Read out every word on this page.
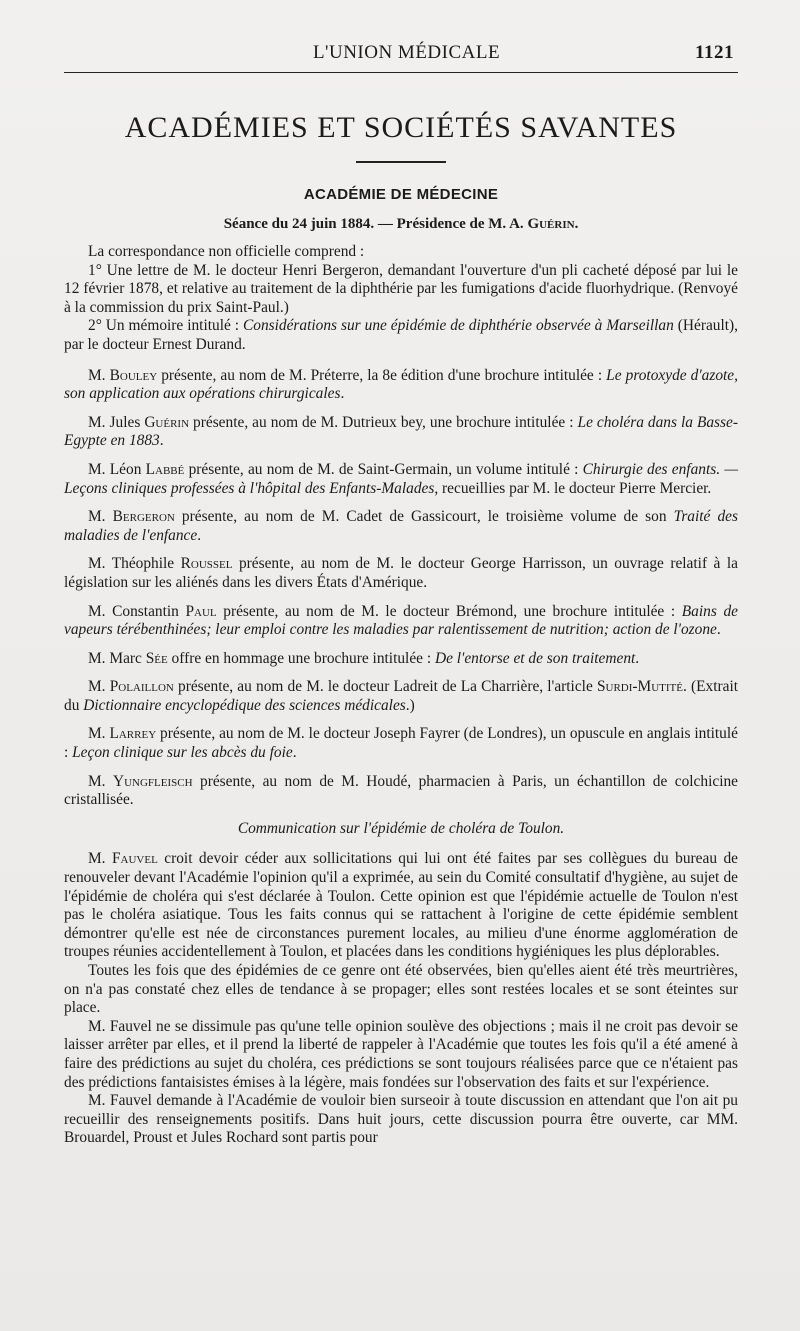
L'UNION MÉDICALE	1121
ACADÉMIES ET SOCIÉTÉS SAVANTES
ACADÉMIE DE MÉDECINE
Séance du 24 juin 1884. — Présidence de M. A. Guérin.

La correspondance non officielle comprend :

1° Une lettre de M. le docteur Henri Bergeron, demandant l'ouverture d'un pli cacheté déposé par lui le 12 février 1878, et relative au traitement de la diphthérie par les fumigations d'acide fluorhydrique. (Renvoyé à la commission du prix Saint-Paul.)

2° Un mémoire intitulé : Considérations sur une épidémie de diphthérie observée à Marseillan (Hérault), par le docteur Ernest Durand.

M. Bouley présente, au nom de M. Préterre, la 8e édition d'une brochure intitulée : Le protoxyde d'azote, son application aux opérations chirurgicales.

M. Jules Guérin présente, au nom de M. Dutrieux bey, une brochure intitulée : Le choléra dans la Basse-Egypte en 1883.

M. Léon Labbé présente, au nom de M. de Saint-Germain, un volume intitulé : Chirurgie des enfants. — Leçons cliniques professées à l'hôpital des Enfants-Malades, recueillies par M. le docteur Pierre Mercier.

M. Bergeron présente, au nom de M. Cadet de Gassicourt, le troisième volume de son Traité des maladies de l'enfance.

M. Théophile Roussel présente, au nom de M. le docteur George Harrisson, un ouvrage relatif à la législation sur les aliénés dans les divers États d'Amérique.

M. Constantin Paul présente, au nom de M. le docteur Brémond, une brochure intitulée : Bains de vapeurs térébenthinées; leur emploi contre les maladies par ralentissement de nutrition; action de l'ozone.

M. Marc Sée offre en hommage une brochure intitulée : De l'entorse et de son traitement.

M. Polaillon présente, au nom de M. le docteur Ladreit de La Charrière, l'article Surdi-Mutité. (Extrait du Dictionnaire encyclopédique des sciences médicales.)

M. Larrey présente, au nom de M. le docteur Joseph Fayrer (de Londres), un opuscule en anglais intitulé : Leçon clinique sur les abcès du foie.

M. Yungfleisch présente, au nom de M. Houdé, pharmacien à Paris, un échantillon de colchicine cristallisée.

Communication sur l'épidémie de choléra de Toulon.

M. Fauvel croit devoir céder aux sollicitations qui lui ont été faites par ses collègues du bureau de renouveler devant l'Académie l'opinion qu'il a exprimée, au sein du Comité consultatif d'hygiène, au sujet de l'épidémie de choléra qui s'est déclarée à Toulon. Cette opinion est que l'épidémie actuelle de Toulon n'est pas le choléra asiatique. Tous les faits connus qui se rattachent à l'origine de cette épidémie semblent démontrer qu'elle est née de circonstances purement locales, au milieu d'une énorme agglomération de troupes réunies accidentellement à Toulon, et placées dans les conditions hygiéniques les plus déplorables.

Toutes les fois que des épidémies de ce genre ont été observées, bien qu'elles aient été très meurtrières, on n'a pas constaté chez elles de tendance à se propager; elles sont restées locales et se sont éteintes sur place.

M. Fauvel ne se dissimule pas qu'une telle opinion soulève des objections ; mais il ne croit pas devoir se laisser arrêter par elles, et il prend la liberté de rappeler à l'Académie que toutes les fois qu'il a été amené à faire des prédictions au sujet du choléra, ces prédictions se sont toujours réalisées parce que ce n'étaient pas des prédictions fantaisistes émises à la légère, mais fondées sur l'observation des faits et sur l'expérience.

M. Fauvel demande à l'Académie de vouloir bien surseoir à toute discussion en attendant que l'on ait pu recueillir des renseignements positifs. Dans huit jours, cette discussion pourra être ouverte, car MM. Brouardel, Proust et Jules Rochard sont partis pour
